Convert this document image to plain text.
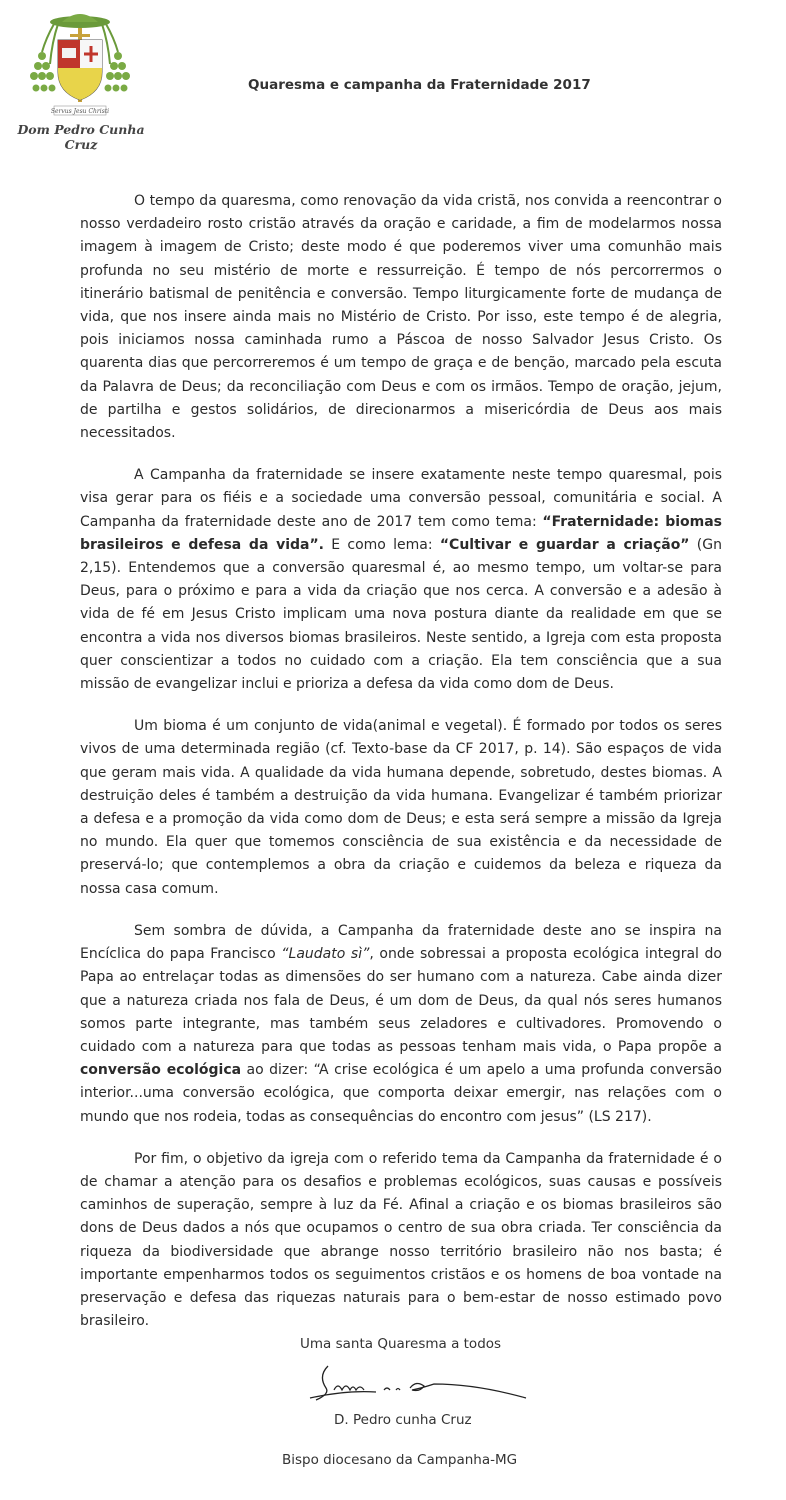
Servus Jesu Christi
Dom Pedro Cunha Cruz
Quaresma e campanha da Fraternidade 2017

O tempo da quaresma, como renovação da vida cristã, nos convida a reencontrar o nosso verdadeiro rosto cristão através da oração e caridade, a fim de modelarmos nossa imagem à imagem de Cristo; deste modo é que poderemos viver uma comunhão mais profunda no seu mistério de morte e ressurreição. É tempo de nós percorrermos o itinerário batismal de penitência e conversão. Tempo liturgicamente forte de mudança de vida, que nos insere ainda mais no Mistério de Cristo. Por isso, este tempo é de alegria, pois iniciamos nossa caminhada rumo a Páscoa de nosso Salvador Jesus Cristo. Os quarenta dias que percorreremos é um tempo de graça e de benção, marcado pela escuta da Palavra de Deus; da reconciliação com Deus e com os irmãos. Tempo de oração, jejum, de partilha e gestos solidários, de direcionarmos a misericórdia de Deus aos mais necessitados.

A Campanha da fraternidade se insere exatamente neste tempo quaresmal, pois visa gerar para os fiéis e a sociedade uma conversão pessoal, comunitária e social. A Campanha da fraternidade deste ano de 2017 tem como tema: “Fraternidade: biomas brasileiros e defesa da vida”. E como lema: “Cultivar e guardar a criação” (Gn 2,15). Entendemos que a conversão quaresmal é, ao mesmo tempo, um voltar-se para Deus, para o próximo e para a vida da criação que nos cerca. A conversão e a adesão à vida de fé em Jesus Cristo implicam uma nova postura diante da realidade em que se encontra a vida nos diversos biomas brasileiros. Neste sentido, a Igreja com esta proposta quer conscientizar a todos no cuidado com a criação. Ela tem consciência que a sua missão de evangelizar inclui e prioriza a defesa da vida como dom de Deus.

Um bioma é um conjunto de vida(animal e vegetal). É formado por todos os seres vivos de uma determinada região (cf. Texto-base da CF 2017, p. 14). São espaços de vida que geram mais vida. A qualidade da vida humana depende, sobretudo, destes biomas. A destruição deles é também a destruição da vida humana. Evangelizar é também priorizar a defesa e a promoção da vida como dom de Deus; e esta será sempre a missão da Igreja no mundo. Ela quer que tomemos consciência de sua existência e da necessidade de preservá-lo; que contemplemos a obra da criação e cuidemos da beleza e riqueza da nossa casa comum.

Sem sombra de dúvida, a Campanha da fraternidade deste ano se inspira na Encíclica do papa Francisco “Laudato sì”, onde sobressai a proposta ecológica integral do Papa ao entrelaçar todas as dimensões do ser humano com a natureza. Cabe ainda dizer que a natureza criada nos fala de Deus, é um dom de Deus, da qual nós seres humanos somos parte integrante, mas também seus zeladores e cultivadores. Promovendo o cuidado com a natureza para que todas as pessoas tenham mais vida, o Papa propõe a conversão ecológica ao dizer: “A crise ecológica é um apelo a uma profunda conversão interior...uma conversão ecológica, que comporta deixar emergir, nas relações com o mundo que nos rodeia, todas as consequências do encontro com jesus” (LS 217).

Por fim, o objetivo da igreja com o referido tema da Campanha da fraternidade é o de chamar a atenção para os desafios e problemas ecológicos, suas causas e possíveis caminhos de superação, sempre à luz da Fé. Afinal a criação e os biomas brasileiros são dons de Deus dados a nós que ocupamos o centro de sua obra criada. Ter consciência da riqueza da biodiversidade que abrange nosso território brasileiro não nos basta; é importante empenharmos todos os seguimentos cristãos e os homens de boa vontade na preservação e defesa das riquezas naturais para o bem-estar de nosso estimado povo brasileiro.

Uma santa Quaresma a todos
D. Pedro cunha Cruz
Bispo diocesano da Campanha-MG
